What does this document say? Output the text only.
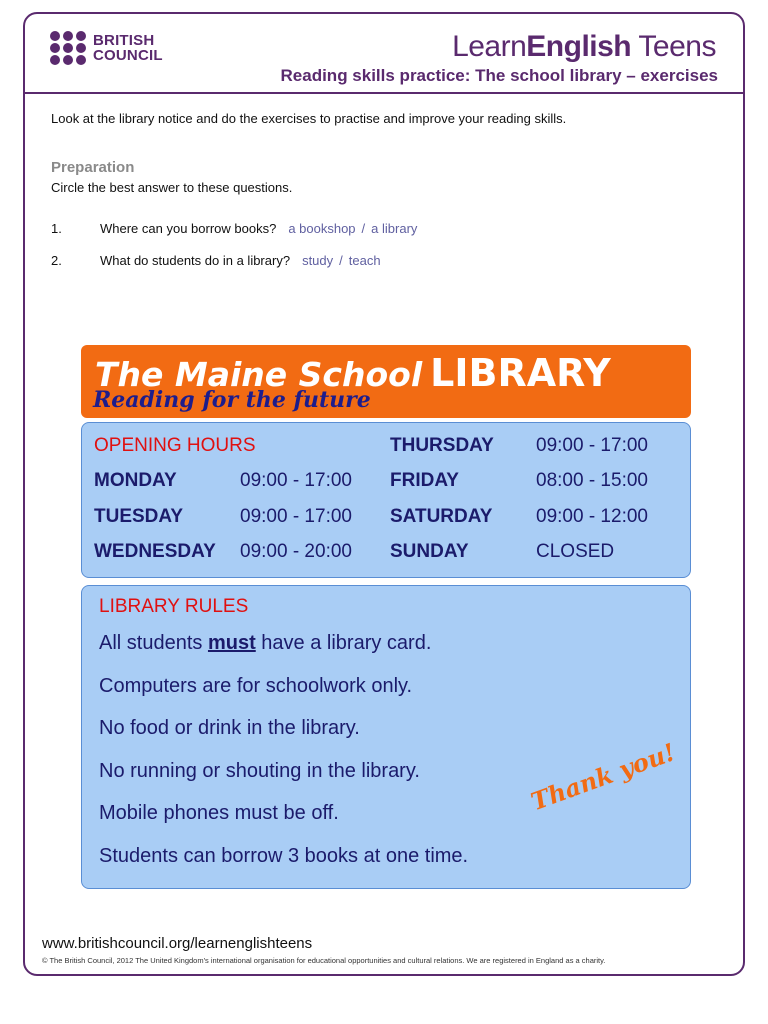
BRITISH
COUNCIL	LearnEnglish Teens
Reading skills practice: The school library – exercises
Look at the library notice and do the exercises to practise and improve your reading skills.
Preparation
Circle the best answer to these questions.
1.	Where can you borrow books? a bookshop / a library
2.	What do students do in a library? study / teach
The Maine School LIBRARY
Reading for the future
OPENING HOURS
MONDAY	09:00 - 17:00
TUESDAY	09:00 - 17:00
WEDNESDAY 09:00 - 20:00
THURSDAY 09:00 - 17:00
FRIDAY	08:00 - 15:00
SATURDAY 09:00 - 12:00
SUNDAY	CLOSED
LIBRARY RULES
All students must have a library card.
Computers are for schoolwork only.
No food or drink in the library.
No running or shouting in the library.
Mobile phones must be off.
Students can borrow 3 books at one time.
Thank you!
www.britishcouncil.org/learnenglishteens
© The British Council, 2012 The United Kingdom's international organisation for educational opportunities and cultural relations. We are registered in England as a charity.
